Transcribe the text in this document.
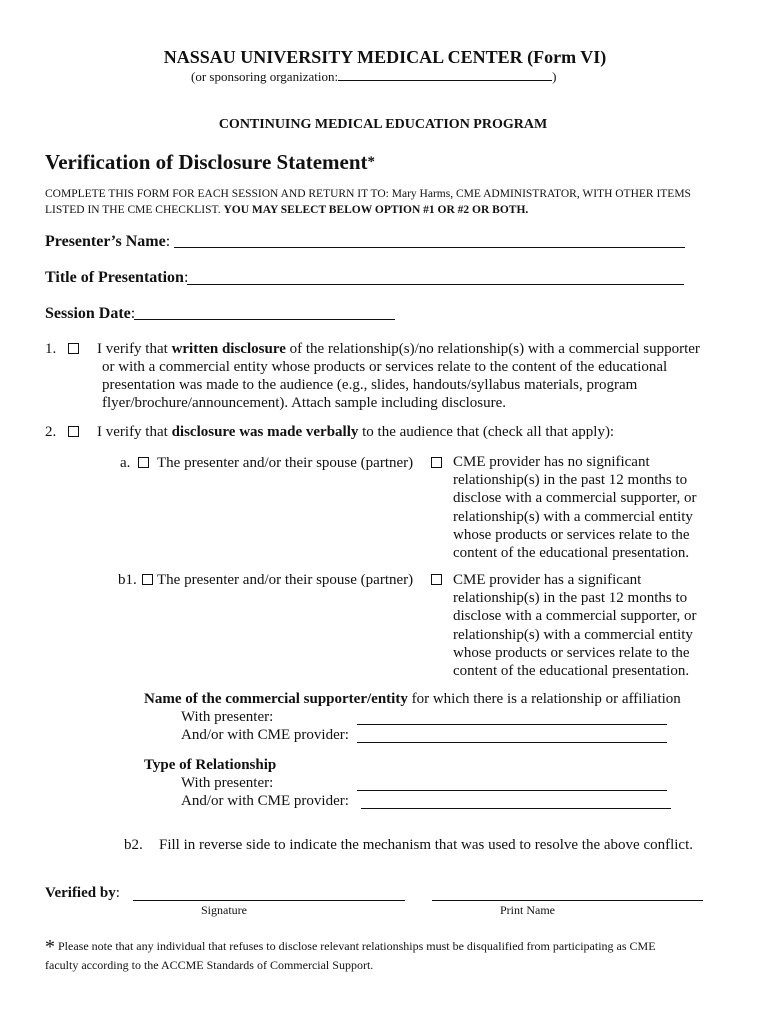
NASSAU UNIVERSITY MEDICAL CENTER (Form VI)
(or sponsoring organization:	)
CONTINUING MEDICAL EDUCATION PROGRAM
Verification of Disclosure Statement*
COMPLETE THIS FORM FOR EACH SESSION AND RETURN IT TO: Mary Harms, CME ADMINISTRATOR, WITH OTHER ITEMS
LISTED IN THE CME CHECKLIST. YOU MAY SELECT BELOW OPTION #1 OR #2 OR BOTH.
Presenter’s Name:
Title of Presentation:
Session Date:
1.	I verify that written disclosure of the relationship(s)/no relationship(s) with a commercial supporter
or with a commercial entity whose products or services relate to the content of the educational
presentation was made to the audience (e.g., slides, handouts/syllabus materials, program
flyer/brochure/announcement). Attach sample including disclosure.
2.	I verify that disclosure was made verbally to the audience that (check all that apply):
a. The presenter and/or their spouse (partner)	CME provider has no significant
relationship(s) in the past 12 months to
disclose with a commercial supporter, or
relationship(s) with a commercial entity
whose products or services relate to the
content of the educational presentation.
b1. The presenter and/or their spouse (partner)	CME provider has a significant
relationship(s) in the past 12 months to
disclose with a commercial supporter, or
relationship(s) with a commercial entity
whose products or services relate to the
content of the educational presentation.
Name of the commercial supporter/entity for which there is a relationship or affiliation
With presenter:
And/or with CME provider:
Type of Relationship
With presenter:
And/or with CME provider:
b2. Fill in reverse side to indicate the mechanism that was used to resolve the above conflict.
Verified by:
Signature	Print Name
* Please note that any individual that refuses to disclose relevant relationships must be disqualified from participating as CME
faculty according to the ACCME Standards of Commercial Support.
